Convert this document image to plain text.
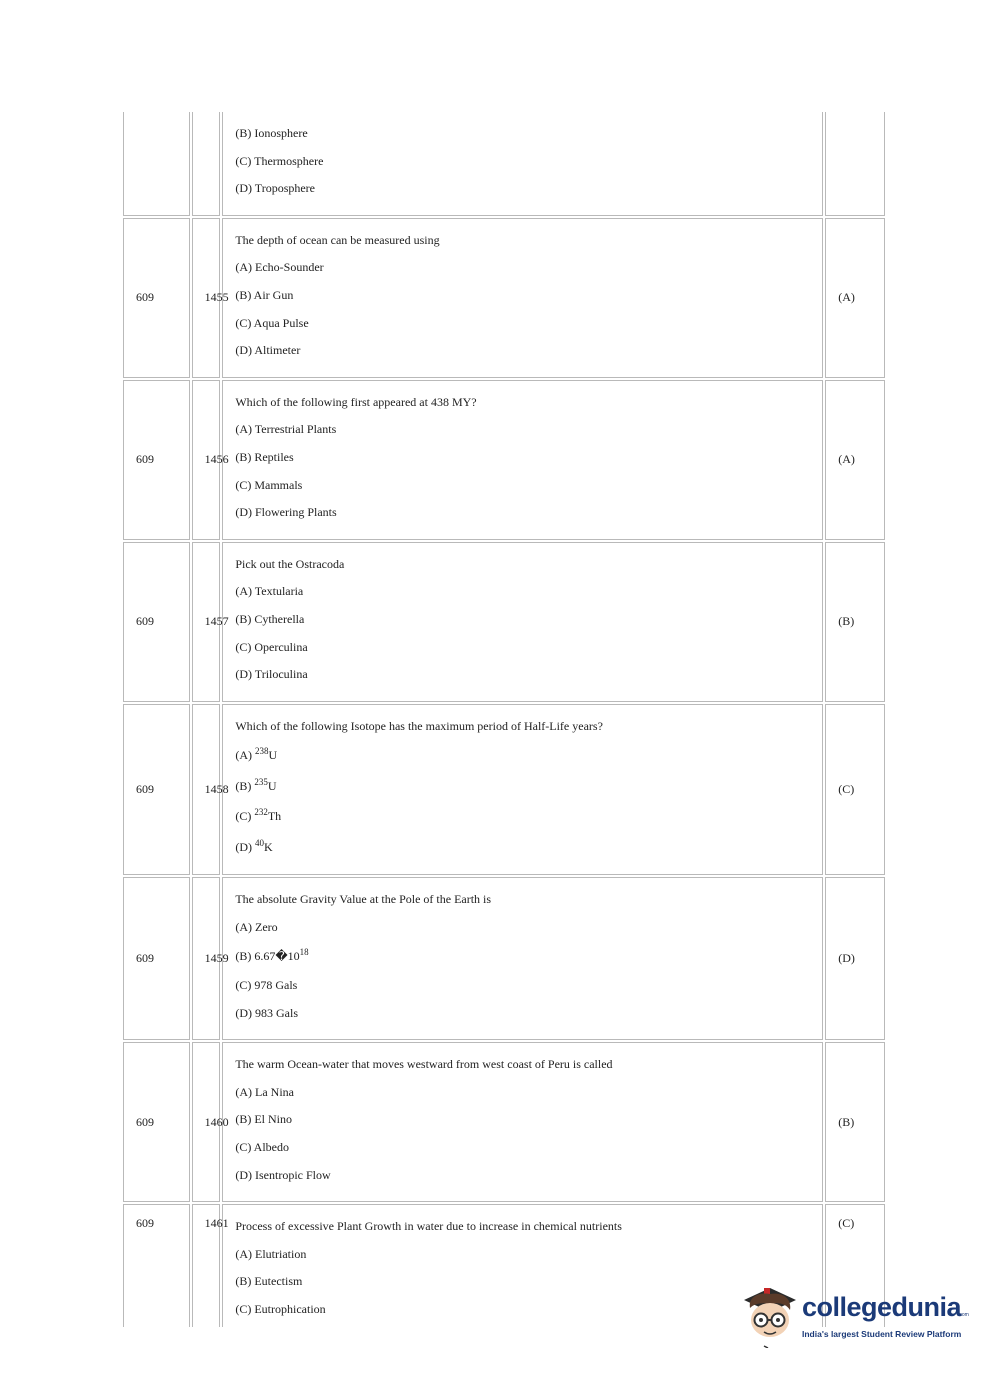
		(B) Ionosphere
(C) Thermosphere
(D) Troposphere	

609	1455	The depth of ocean can be measured using
(A) Echo-Sounder
(B) Air Gun
(C) Aqua Pulse
(D) Altimeter	(A)
609	1456	Which of the following first appeared at 438 MY?
(A) Terrestrial Plants
(B) Reptiles
(C) Mammals
(D) Flowering Plants	(A)
609	1457	Pick out the Ostracoda
(A) Textularia
(B) Cytherella
(C) Operculina
(D) Triloculina	(B)
609	1458	Which of the following Isotope has the maximum period of Half-Life years?
(A) $^{238}$U
(B) $^{235}$U
(C) $^{232}$Th
(D) $^{40}$K	(C)
609	1459	The absolute Gravity Value at the Pole of the Earth is
(A) Zero
(B) $6.67�10^{18}$
(C) 978 Gals
(D) 983 Gals	(D)
609	1460	The warm Ocean-water that moves westward from west coast of Peru is called
(A) La Nina
(B) El Nino
(C) Albedo
(D) Isentropic Flow	(B)
609	1461	Process of excessive Plant Growth in water due to increase in chemical nutrients
(A) Elutriation
(B) Eutectism
(C) Eutrophication	(C)
collegedunia
.com
India's largest Student Review Platform
